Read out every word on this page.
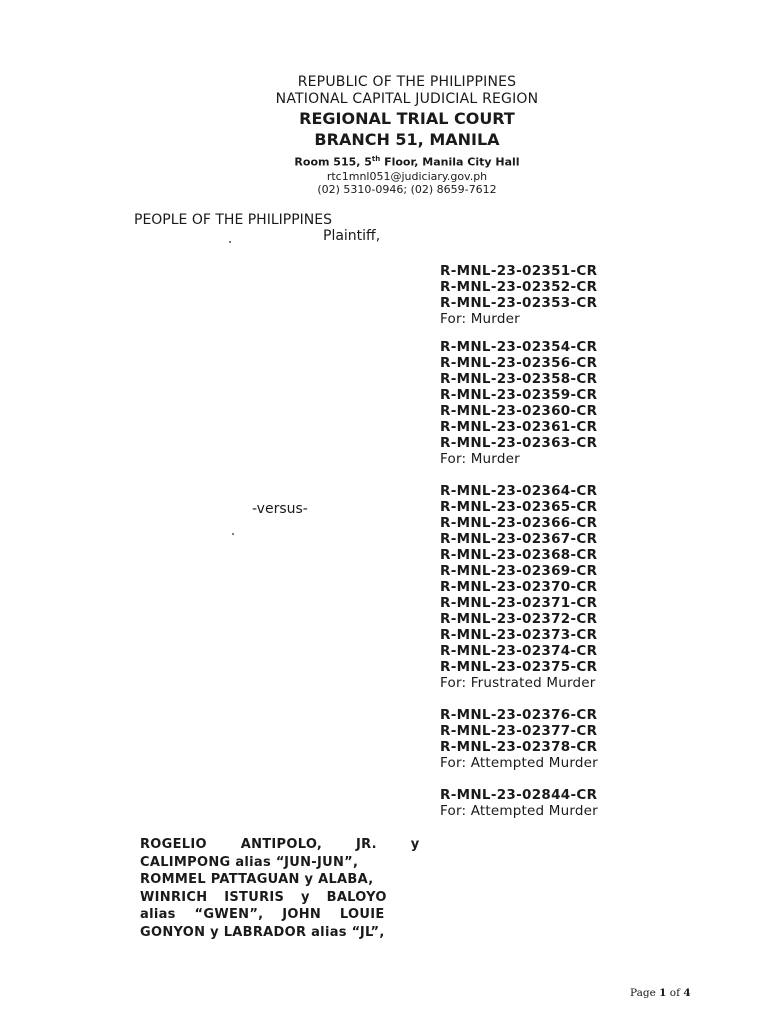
REPUBLIC OF THE PHILIPPINES
NATIONAL CAPITAL JUDICIAL REGION
REGIONAL TRIAL COURT
BRANCH 51, MANILA
Room 515, 5th Floor, Manila City Hall
rtc1mnl051@judiciary.gov.ph
(02) 5310-0946; (02) 8659-7612
PEOPLE OF THE PHILIPPINES
Plaintiff,
-versus-
R-MNL-23-02351-CR
R-MNL-23-02352-CR
R-MNL-23-02353-CR
For: Murder
R-MNL-23-02354-CR
R-MNL-23-02356-CR
R-MNL-23-02358-CR
R-MNL-23-02359-CR
R-MNL-23-02360-CR
R-MNL-23-02361-CR
R-MNL-23-02363-CR
For: Murder
R-MNL-23-02364-CR
R-MNL-23-02365-CR
R-MNL-23-02366-CR
R-MNL-23-02367-CR
R-MNL-23-02368-CR
R-MNL-23-02369-CR
R-MNL-23-02370-CR
R-MNL-23-02371-CR
R-MNL-23-02372-CR
R-MNL-23-02373-CR
R-MNL-23-02374-CR
R-MNL-23-02375-CR
For: Frustrated Murder
R-MNL-23-02376-CR
R-MNL-23-02377-CR
R-MNL-23-02378-CR
For: Attempted Murder
R-MNL-23-02844-CR
For: Attempted Murder
ROGELIO ANTIPOLO, JR. y
CALIMPONG alias “JUN-JUN”,
ROMMEL PATTAGUAN y ALABA,
WINRICH ISTURIS y BALOYO
alias “GWEN”, JOHN LOUIE
GONYON y LABRADOR alias “JL”,
Page 1 of 4
